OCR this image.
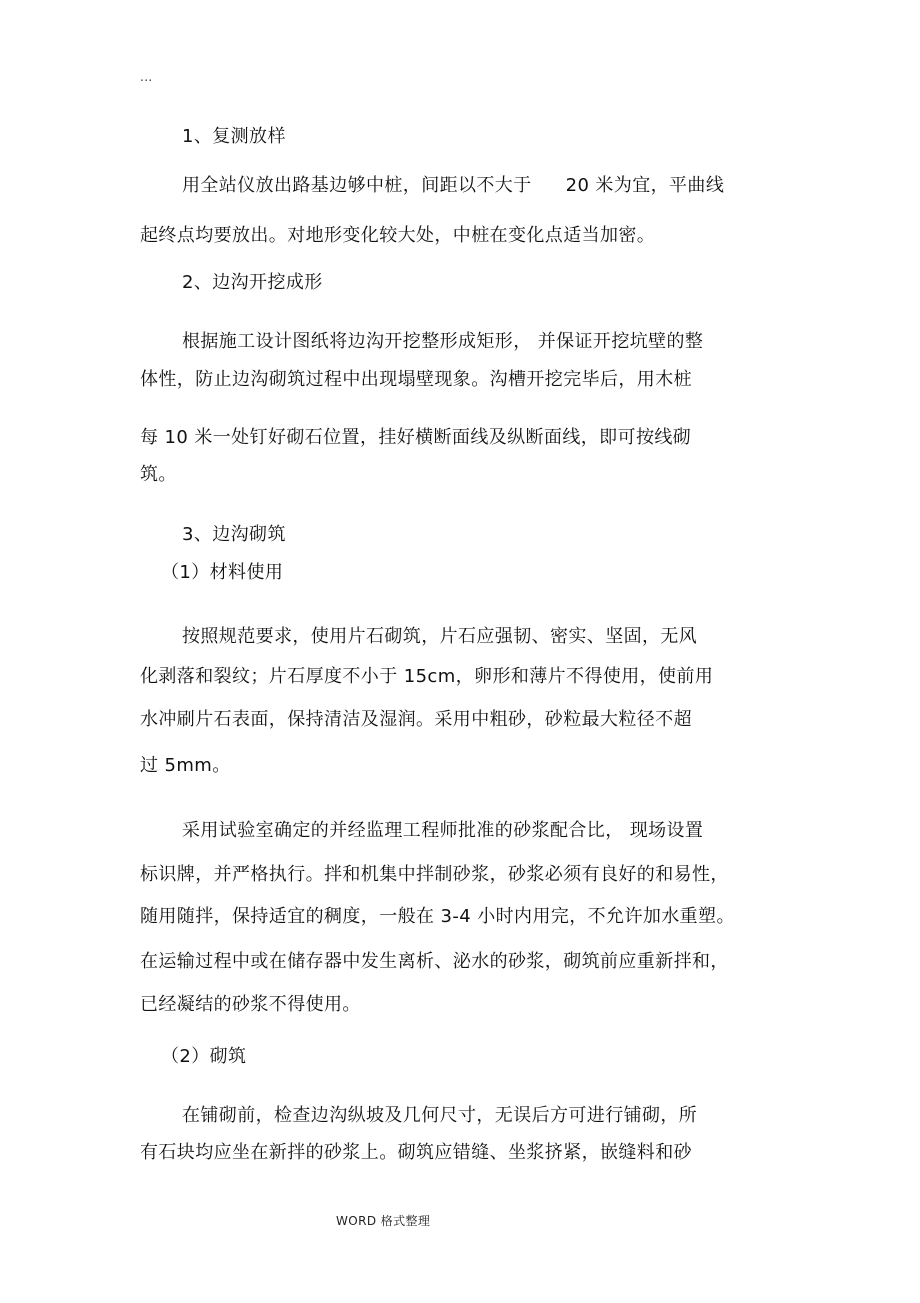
...
1、复测放样
用全站仪放出路基边够中桩，间距以不大于 20 米为宜，平曲线
起终点均要放出。对地形变化较大处，中桩在变化点适当加密。
2、边沟开挖成形
根据施工设计图纸将边沟开挖整形成矩形， 并保证开挖坑壁的整
体性，防止边沟砌筑过程中出现塌壁现象。沟槽开挖完毕后，用木桩
每 10 米一处钉好砌石位置，挂好横断面线及纵断面线，即可按线砌
筑。
3、边沟砌筑
（1）材料使用
按照规范要求，使用片石砌筑，片石应强韧、密实、坚固，无风
化剥落和裂纹；片石厚度不小于 15cm，卵形和薄片不得使用，使前用
水冲刷片石表面，保持清洁及湿润。采用中粗砂，砂粒最大粒径不超
过 5mm。
采用试验室确定的并经监理工程师批准的砂浆配合比， 现场设置
标识牌，并严格执行。拌和机集中拌制砂浆，砂浆必须有良好的和易性，
随用随拌，保持适宜的稠度，一般在 3-4 小时内用完，不允许加水重塑。
在运输过程中或在储存器中发生离析、泌水的砂浆，砌筑前应重新拌和，
已经凝结的砂浆不得使用。
（2）砌筑
在铺砌前，检查边沟纵坡及几何尺寸，无误后方可进行铺砌，所
有石块均应坐在新拌的砂浆上。砌筑应错缝、坐浆挤紧，嵌缝料和砂
WORD 格式整理
